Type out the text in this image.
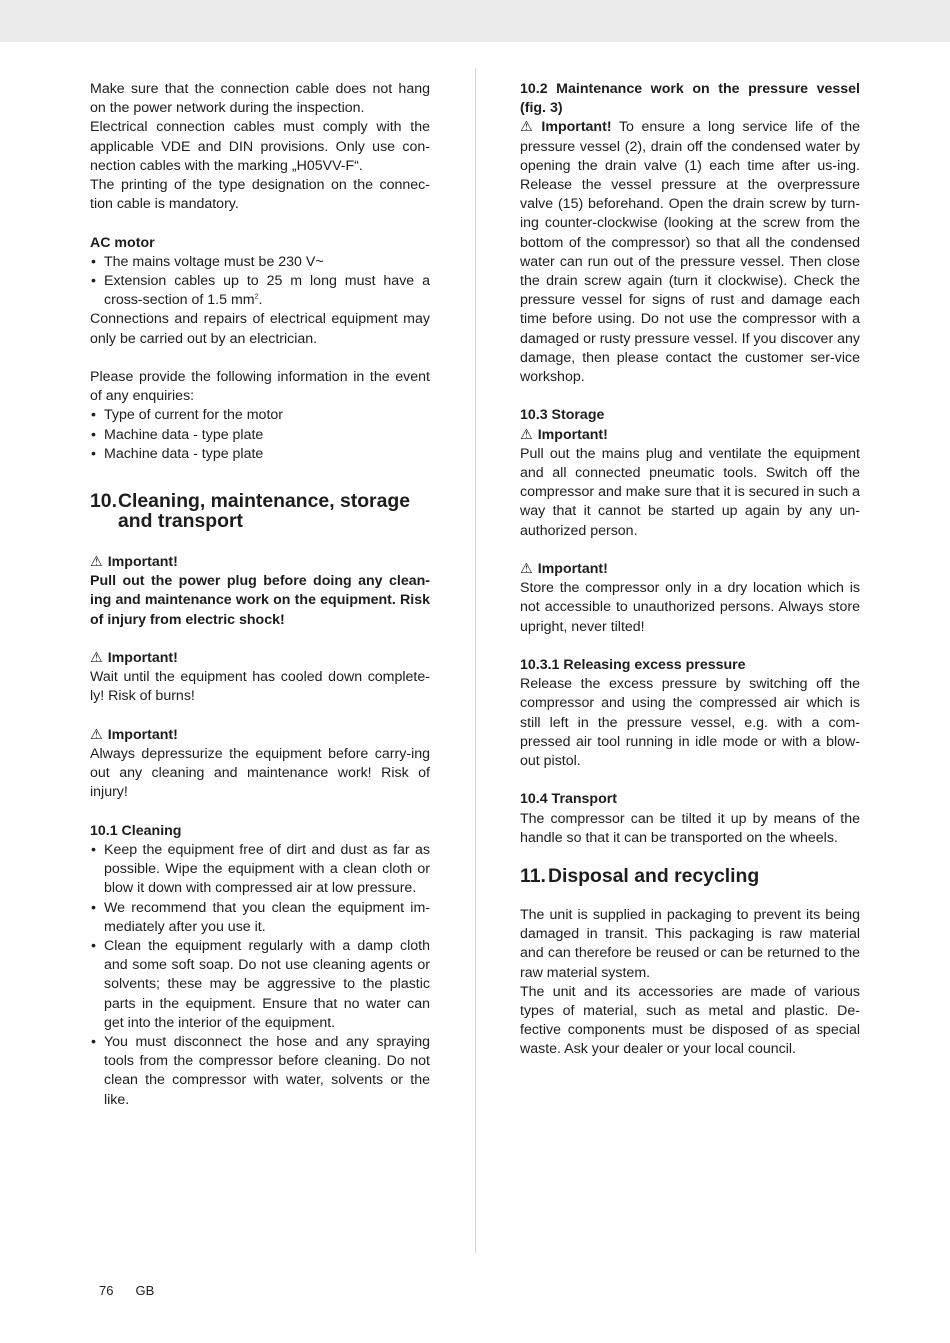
Make sure that the connection cable does not hang on the power network during the inspection.

Electrical connection cables must comply with the applicable VDE and DIN provisions. Only use con-nection cables with the marking „H05VV-F“.

The printing of the type designation on the connec-tion cable is mandatory.

AC motor

• The mains voltage must be 230 V~
• Extension cables up to 25 m long must have a cross-section of 1.5 $mm^2$.

Connections and repairs of electrical equipment may only be carried out by an electrician.

Please provide the following information in the event of any enquiries:

• Type of current for the motor
• Machine data - type plate
• Machine data - type plate
10. Cleaning, maintenance, storage and transport

⚠ Important!

Pull out the power plug before doing any clean-ing and maintenance work on the equipment. Risk of injury from electric shock!

⚠ Important!

Wait until the equipment has cooled down complete-ly! Risk of burns!

⚠ Important!

Always depressurize the equipment before carry-ing out any cleaning and maintenance work! Risk of injury!

10.1 Cleaning

• Keep the equipment free of dirt and dust as far as possible. Wipe the equipment with a clean cloth or blow it down with compressed air at low pressure.
• We recommend that you clean the equipment im-mediately after you use it.
• Clean the equipment regularly with a damp cloth and some soft soap. Do not use cleaning agents or solvents; these may be aggressive to the plastic parts in the equipment. Ensure that no water can get into the interior of the equipment.
• You must disconnect the hose and any spraying tools from the compressor before cleaning. Do not clean the compressor with water, solvents or the like.

10.2 Maintenance work on the pressure vessel (fig. 3)

⚠ Important! To ensure a long service life of the pressure vessel (2), drain off the condensed water by opening the drain valve (1) each time after us-ing. Release the vessel pressure at the overpressure valve (15) beforehand. Open the drain screw by turn-ing counter-clockwise (looking at the screw from the bottom of the compressor) so that all the condensed water can run out of the pressure vessel. Then close the drain screw again (turn it clockwise). Check the pressure vessel for signs of rust and damage each time before using. Do not use the compressor with a damaged or rusty pressure vessel. If you discover any damage, then please contact the customer ser-vice workshop.

10.3 Storage

⚠ Important!

Pull out the mains plug and ventilate the equipment and all connected pneumatic tools. Switch off the compressor and make sure that it is secured in such a way that it cannot be started up again by any un-authorized person.

⚠ Important!

Store the compressor only in a dry location which is not accessible to unauthorized persons. Always store upright, never tilted!

10.3.1 Releasing excess pressure

Release the excess pressure by switching off the compressor and using the compressed air which is still left in the pressure vessel, e.g. with a com-pressed air tool running in idle mode or with a blow-out pistol.

10.4 Transport

The compressor can be tilted it up by means of the handle so that it can be transported on the wheels.

11. Disposal and recycling

The unit is supplied in packaging to prevent its being damaged in transit. This packaging is raw material and can therefore be reused or can be returned to the raw material system.

The unit and its accessories are made of various types of material, such as metal and plastic. De-fective components must be disposed of as special waste. Ask your dealer or your local council.

76 GB
